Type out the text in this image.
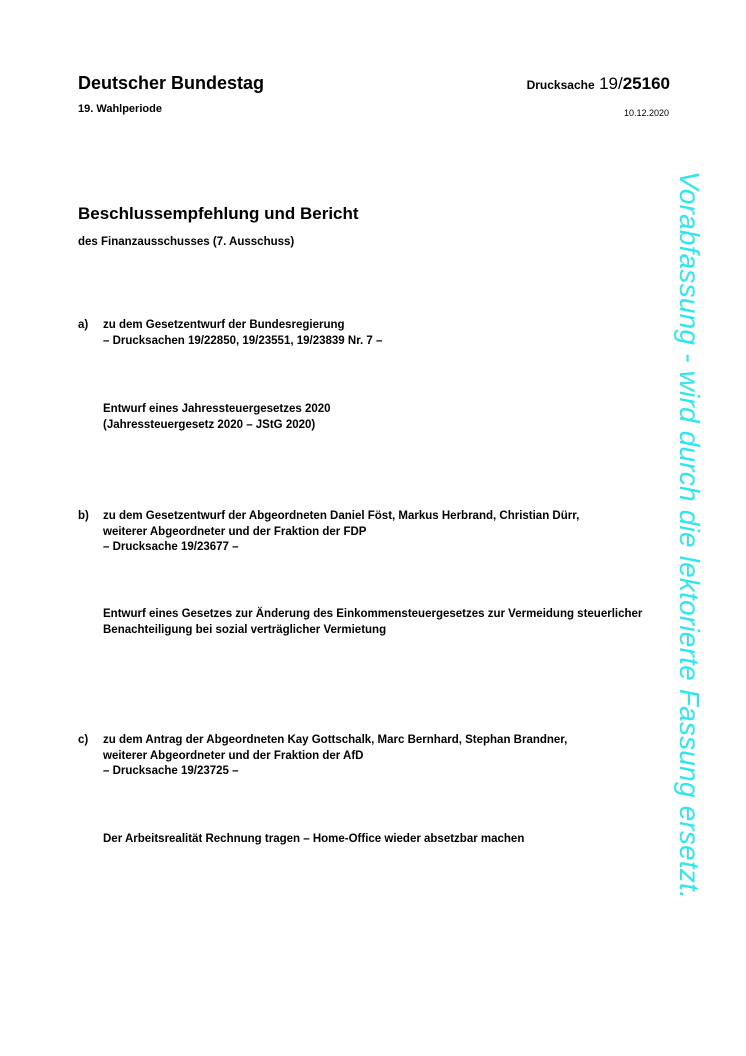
Deutscher Bundestag
19. Wahlperiode
Drucksache 19/25160
10.12.2020
Beschlussempfehlung und Bericht
des Finanzausschusses (7. Ausschuss)
a) zu dem Gesetzentwurf der Bundesregierung
– Drucksachen 19/22850, 19/23551, 19/23839 Nr. 7 –
Entwurf eines Jahressteuergesetzes 2020 (Jahressteuergesetz 2020 – JStG 2020)
b) zu dem Gesetzentwurf der Abgeordneten Daniel Föst, Markus Herbrand, Christian Dürr, weiterer Abgeordneter und der Fraktion der FDP
– Drucksache 19/23677 –
Entwurf eines Gesetzes zur Änderung des Einkommensteuergesetzes zur Vermeidung steuerlicher Benachteiligung bei sozial verträglicher Vermietung
c) zu dem Antrag der Abgeordneten Kay Gottschalk, Marc Bernhard, Stephan Brandner, weiterer Abgeordneter und der Fraktion der AfD
– Drucksache 19/23725 –
Der Arbeitsrealität Rechnung tragen – Home-Office wieder absetzbar machen	Vorabfassung - wird durch die lektorierte Fassung ersetzt.
